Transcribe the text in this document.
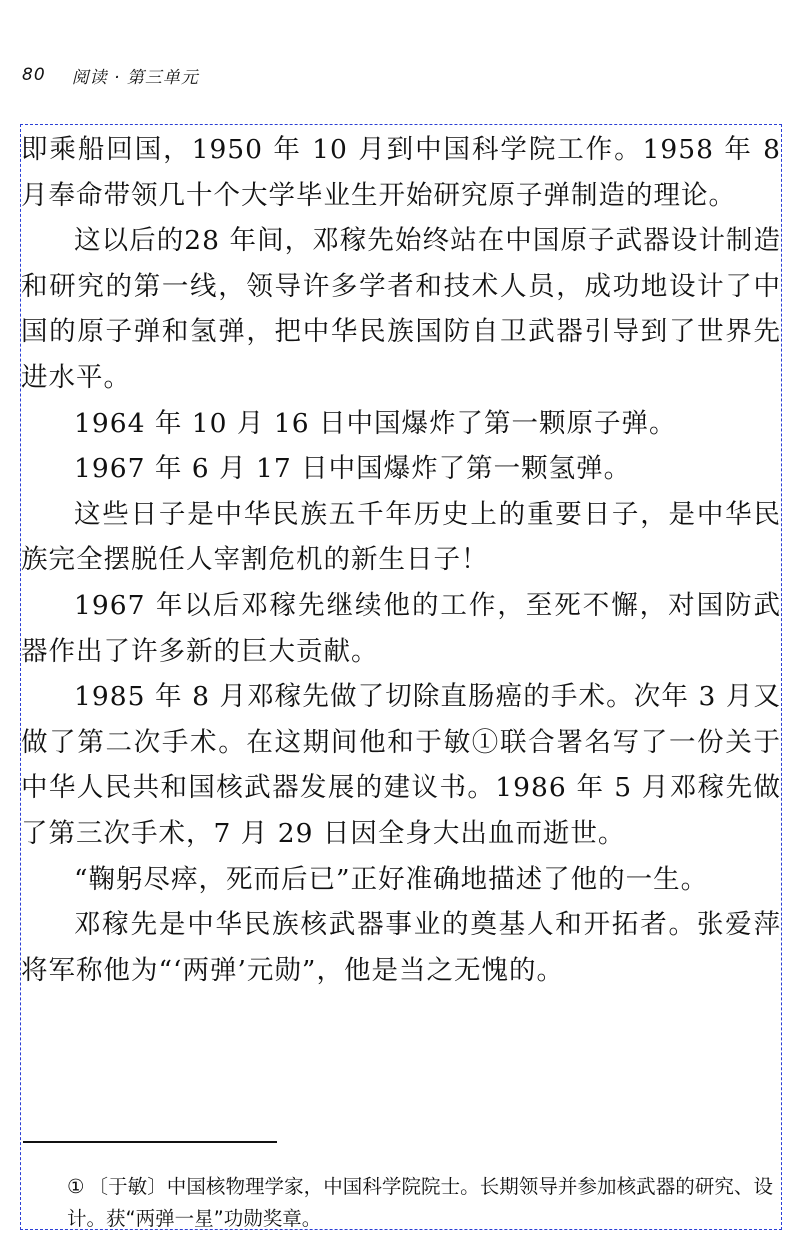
80 阅读 · 第三单元

即乘船回国，1950 年 10 月到中国科学院工作。1958 年 8 月奉命带领几十个大学毕业生开始研究原子弹制造的理论。

这以后的28 年间，邓稼先始终站在中国原子武器设计制造和研究的第一线，领导许多学者和技术人员，成功地设计了中国的原子弹和氢弹，把中华民族国防自卫武器引导到了世界先进水平。

1964 年 10 月 16 日中国爆炸了第一颗原子弹。

1967 年 6 月 17 日中国爆炸了第一颗氢弹。

这些日子是中华民族五千年历史上的重要日子，是中华民族完全摆脱任人宰割危机的新生日子！

1967 年以后邓稼先继续他的工作，至死不懈，对国防武器作出了许多新的巨大贡献。

1985 年 8 月邓稼先做了切除直肠癌的手术。次年 3 月又做了第二次手术。在这期间他和于敏①联合署名写了一份关于中华人民共和国核武器发展的建议书。1986 年 5 月邓稼先做了第三次手术，7 月 29 日因全身大出血而逝世。

“鞠躬尽瘁，死而后已”正好准确地描述了他的一生。

邓稼先是中华民族核武器事业的奠基人和开拓者。张爱萍将军称他为“‘两弹’元勋”，他是当之无愧的。

① 〔于敏〕中国核物理学家，中国科学院院士。长期领导并参加核武器的研究、设计。获“两弹一星”功勋奖章。
